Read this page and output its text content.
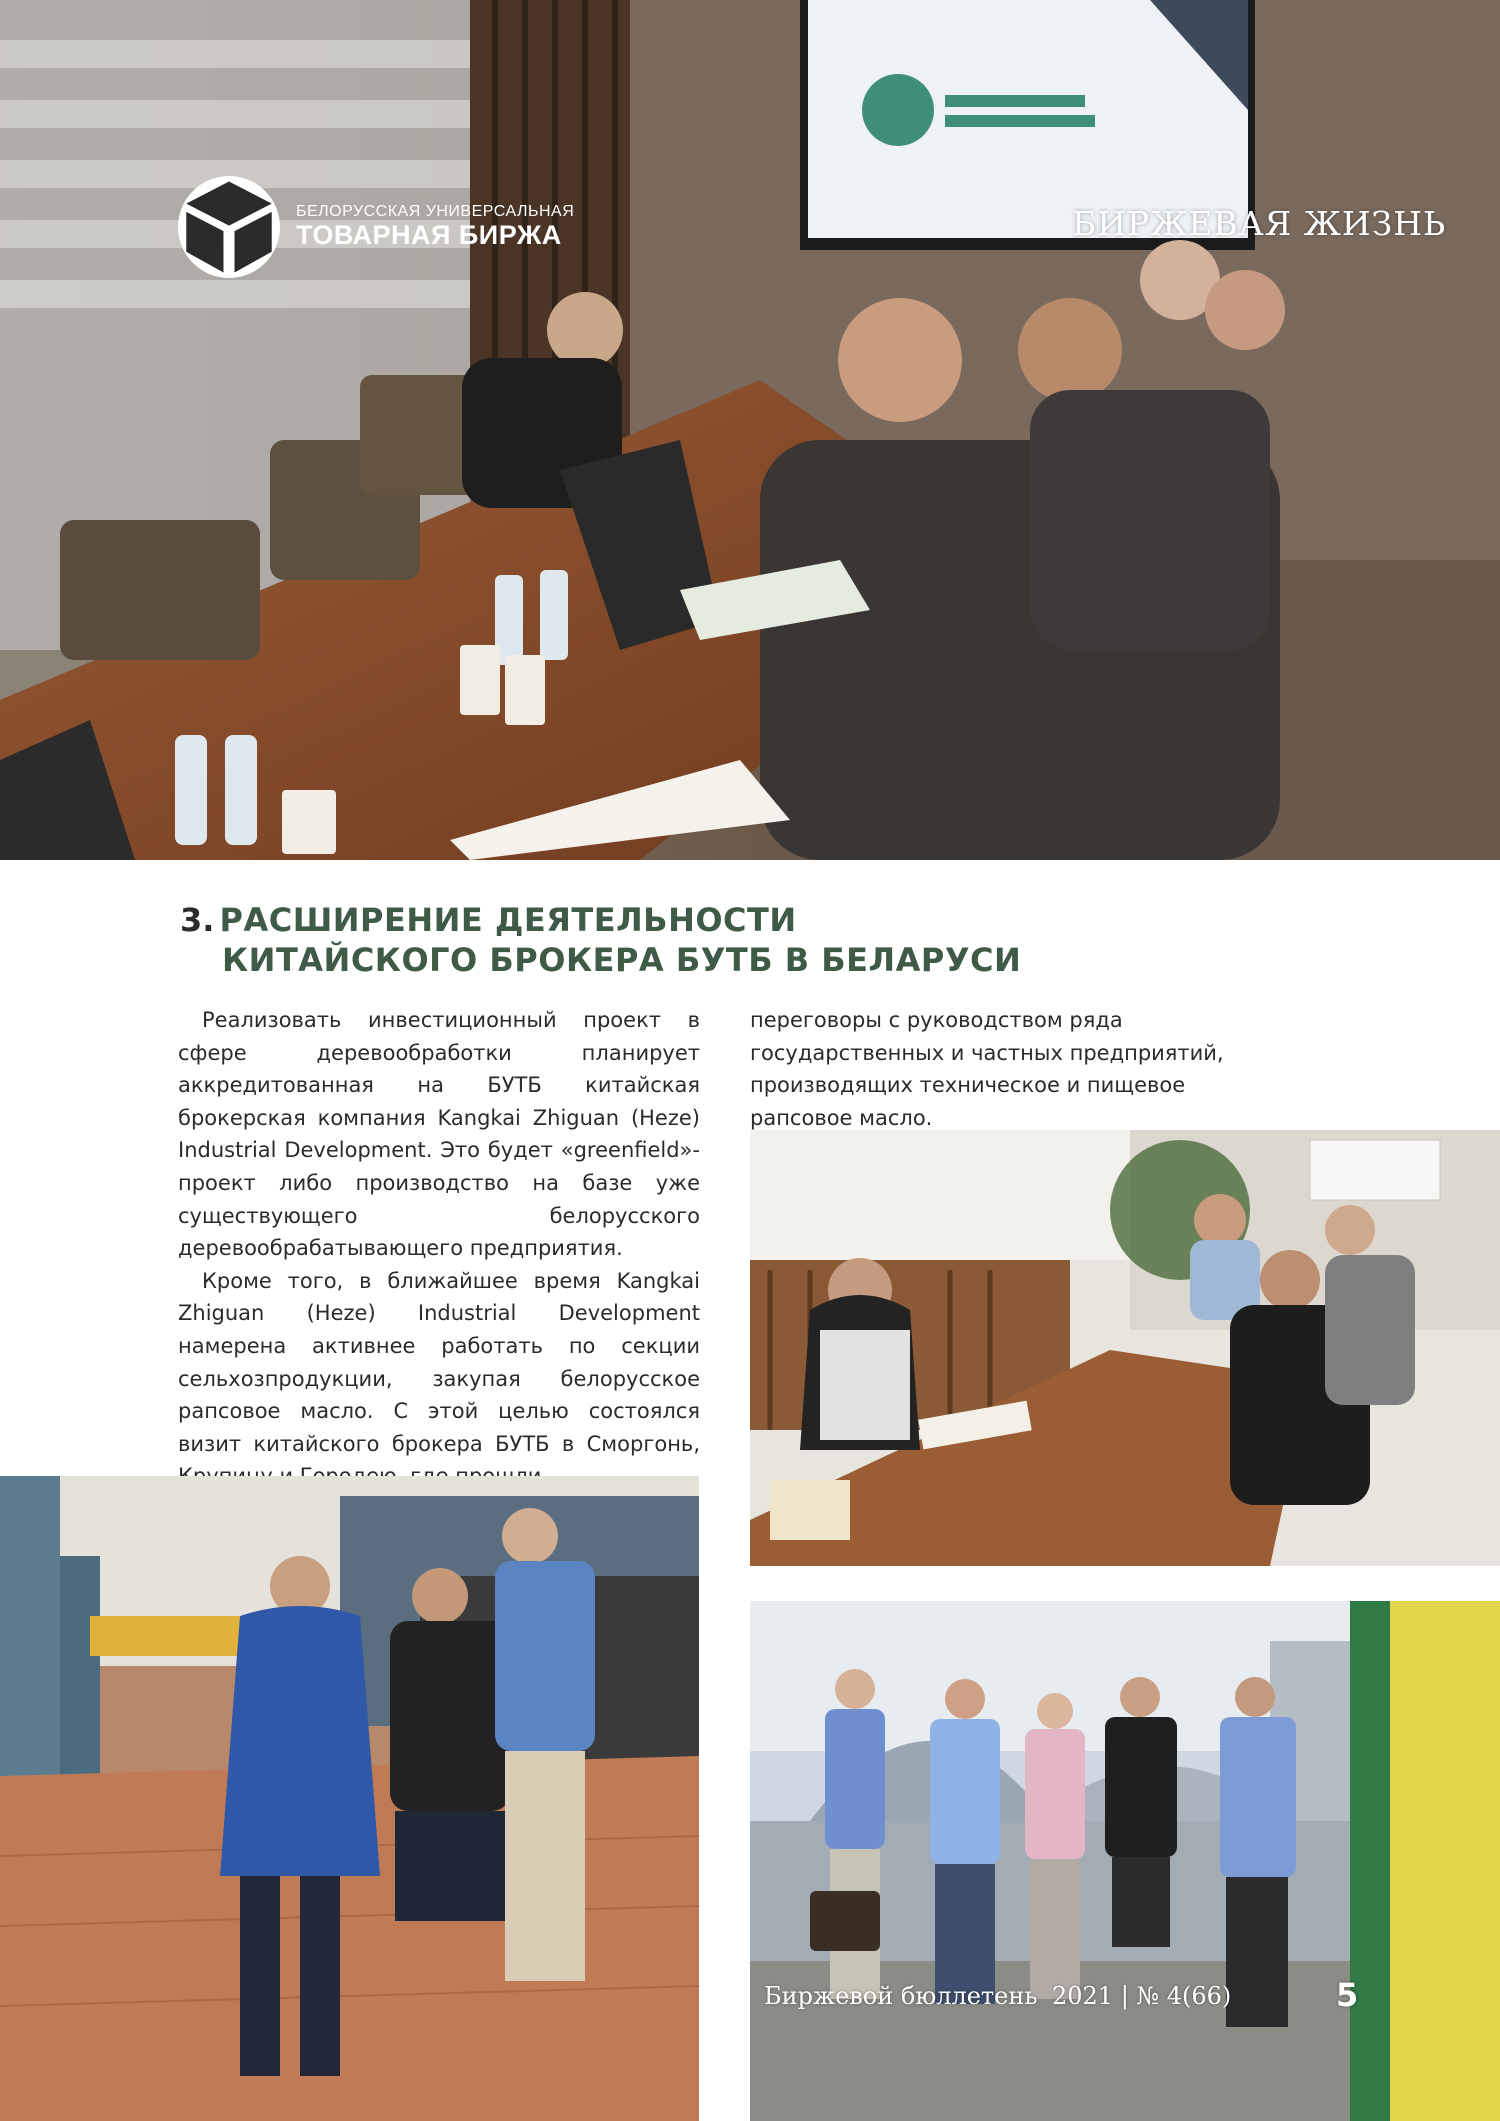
БЕЛОРУССКАЯ УНИВЕРСАЛЬНАЯ
ТОВАРНАЯ БИРЖА	БИРЖЕВАЯ ЖИЗНЬ
3. РАСШИРЕНИЕ ДЕЯТЕЛЬНОСТИ
КИТАЙСКОГО БРОКЕРА БУТБ В БЕЛАРУСИ

Реализовать инвестиционный проект в сфере деревообработки планирует аккредитованная на БУТБ китайская брокерская компания Kangkai Zhiguan (Heze) Industrial Development. Это будет «greenfield»-проект либо производство на базе уже существующего белорусского деревообрабатывающего предприятия.

Кроме того, в ближайшее время Kangkai Zhiguan (Heze) Industrial Development намерена активнее работать по секции сельхозпродукции, закупая белорусское рапсовое масло. С этой целью состоялся визит китайского брокера БУТБ в Сморгонь,

переговоры с руководством ряда государственных и частных предприятий, производящих техническое и пищевое рапсовое масло.

Биржевой бюллетень 2021 | № 4(66)	5
